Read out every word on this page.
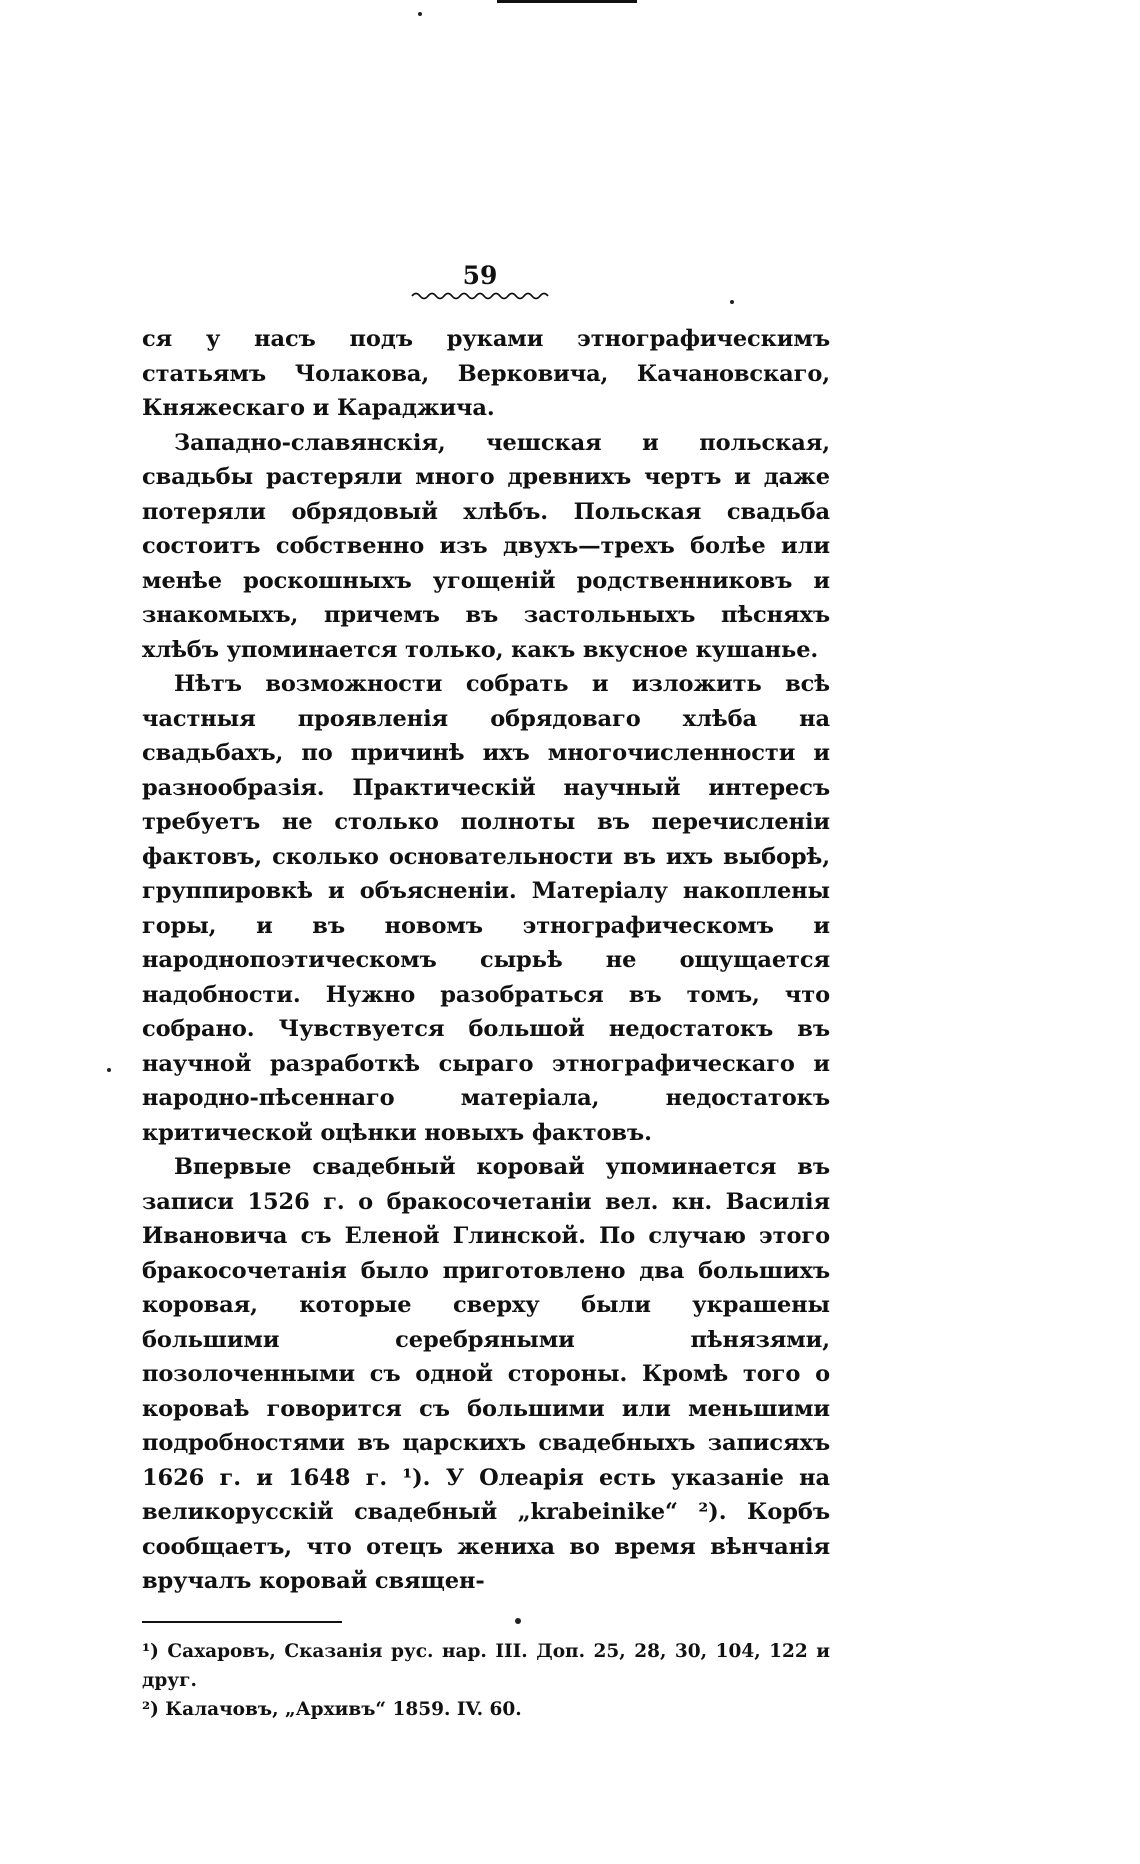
59

ся у насъ подъ руками этнографическимъ статьямъ Чолакова, Верковича, Качановскаго, Княжескаго и Караджича.

Западно-славянскія, чешская и польская, свадьбы растеряли много древнихъ чертъ и даже потеряли обрядовый хлѣбъ. Польская свадьба состоитъ собственно изъ двухъ—трехъ болѣе или менѣе роскошныхъ угощеній родственниковъ и знакомыхъ, причемъ въ застольныхъ пѣсняхъ хлѣбъ упоминается только, какъ вкусное кушанье.

Нѣтъ возможности собрать и изложить всѣ частныя проявленія обрядоваго хлѣба на свадьбахъ, по причинѣ ихъ многочисленности и разнообразія. Практическій научный интересъ требуетъ не столько полноты въ перечисленіи фактовъ, сколько основательности въ ихъ выборѣ, группировкѣ и объясненіи. Матеріалу накоплены горы, и въ новомъ этнографическомъ и народнопоэтическомъ сырьѣ не ощущается надобности. Нужно разобраться въ томъ, что собрано. Чувствуется большой недостатокъ въ научной разработкѣ сыраго этнографическаго и народно-пѣсеннаго матеріала, недостатокъ критической оцѣнки новыхъ фактовъ.

Впервые свадебный коровай упоминается въ записи 1526 г. о бракосочетаніи вел. кн. Василія Ивановича съ Еленой Глинской. По случаю этого бракосочетанія было приготовлено два большихъ коровая, которые сверху были украшены большими серебряными пѣнязями, позолоченными съ одной стороны. Кромѣ того о короваѣ говорится съ большими или меньшими подробностями въ царскихъ свадебныхъ записяхъ 1626 г. и 1648 г. ¹). У Олеарія есть указаніе на великорусскій свадебный „krabeinike“ ²). Корбъ сообщаетъ, что отецъ жениха во время вѣнчанія вручалъ коровай священ-

¹) Сахаровъ, Сказанія рус. нар. III. Доп. 25, 28, 30, 104, 122 и друг.

²) Калачовъ, „Архивъ“ 1859. IV. 60.
